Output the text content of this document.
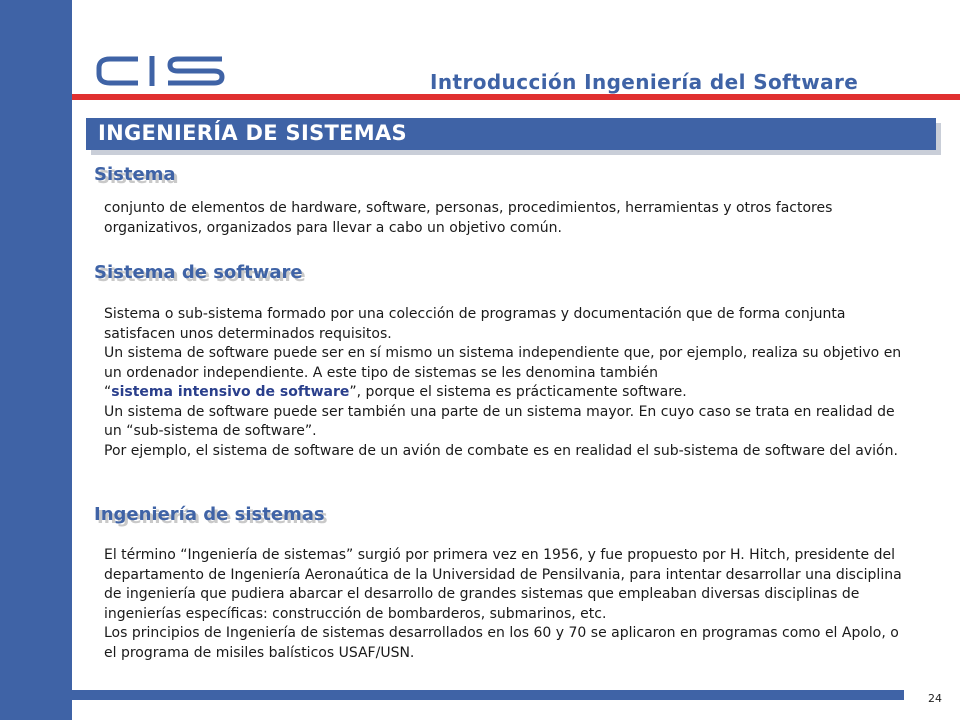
Introducción Ingeniería del Software
INGENIERÍA DE SISTEMAS
Sistema

conjunto de elementos de hardware, software, personas, procedimientos, herramientas y otros factores organizativos, organizados para llevar a cabo un objetivo común.

Sistema de software

Sistema o sub-sistema formado por una colección de programas y documentación que de forma conjunta satisfacen unos determinados requisitos.

Un sistema de software puede ser en sí mismo un sistema independiente que, por ejemplo, realiza su objetivo en un ordenador independiente. A este tipo de sistemas se les denomina también

“sistema intensivo de software”, porque el sistema es prácticamente software.

Un sistema de software puede ser también una parte de un sistema mayor. En cuyo caso se trata en realidad de un “sub-sistema de software”.

Por ejemplo, el sistema de software de un avión de combate es en realidad el sub-sistema de software del avión.

Ingeniería de sistemas

El término “Ingeniería de sistemas” surgió por primera vez en 1956, y fue propuesto por H. Hitch, presidente del departamento de Ingeniería Aeronaútica de la Universidad de Pensilvania, para intentar desarrollar una disciplina de ingeniería que pudiera abarcar el desarrollo de grandes sistemas que empleaban diversas disciplinas de ingenierías específicas: construcción de bombarderos, submarinos, etc.

Los principios de Ingeniería de sistemas desarrollados en los 60 y 70 se aplicaron en programas como el Apolo, o el programa de misiles balísticos USAF/USN.

24
